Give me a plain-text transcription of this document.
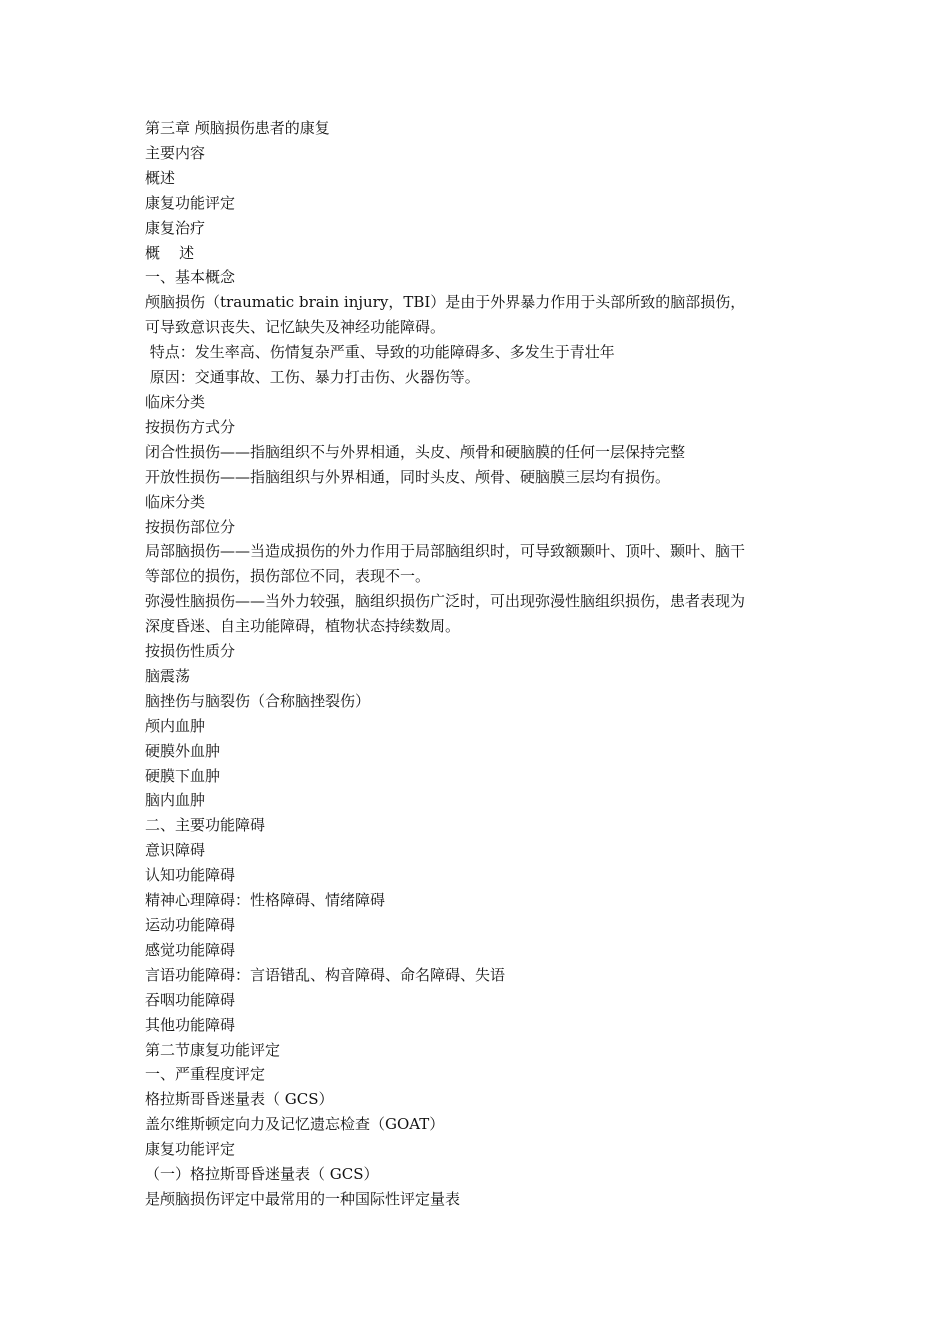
第三章 颅脑损伤患者的康复

主要内容

概述

康复功能评定

康复治疗

概    述

一、基本概念

颅脑损伤（traumatic brain injury，TBI）是由于外界暴力作用于头部所致的脑部损伤，

可导致意识丧失、记忆缺失及神经功能障碍。

特点：发生率高、伤情复杂严重、导致的功能障碍多、多发生于青壮年

原因：交通事故、工伤、暴力打击伤、火器伤等。

临床分类

按损伤方式分

闭合性损伤——指脑组织不与外界相通，头皮、颅骨和硬脑膜的任何一层保持完整

开放性损伤——指脑组织与外界相通，同时头皮、颅骨、硬脑膜三层均有损伤。

临床分类

按损伤部位分

局部脑损伤——当造成损伤的外力作用于局部脑组织时，可导致额颞叶、顶叶、颞叶、脑干

等部位的损伤，损伤部位不同，表现不一。

弥漫性脑损伤——当外力较强，脑组织损伤广泛时，可出现弥漫性脑组织损伤，患者表现为

深度昏迷、自主功能障碍，植物状态持续数周。

按损伤性质分

脑震荡

脑挫伤与脑裂伤（合称脑挫裂伤）

颅内血肿

硬膜外血肿

硬膜下血肿

脑内血肿

二、主要功能障碍

意识障碍

认知功能障碍

精神心理障碍：性格障碍、情绪障碍

运动功能障碍

感觉功能障碍

言语功能障碍：言语错乱、构音障碍、命名障碍、失语

吞咽功能障碍

其他功能障碍

第二节康复功能评定

一、严重程度评定

格拉斯哥昏迷量表（ GCS）

盖尔维斯顿定向力及记忆遗忘检查（GOAT）

康复功能评定

（一）格拉斯哥昏迷量表（ GCS）

是颅脑损伤评定中最常用的一种国际性评定量表
